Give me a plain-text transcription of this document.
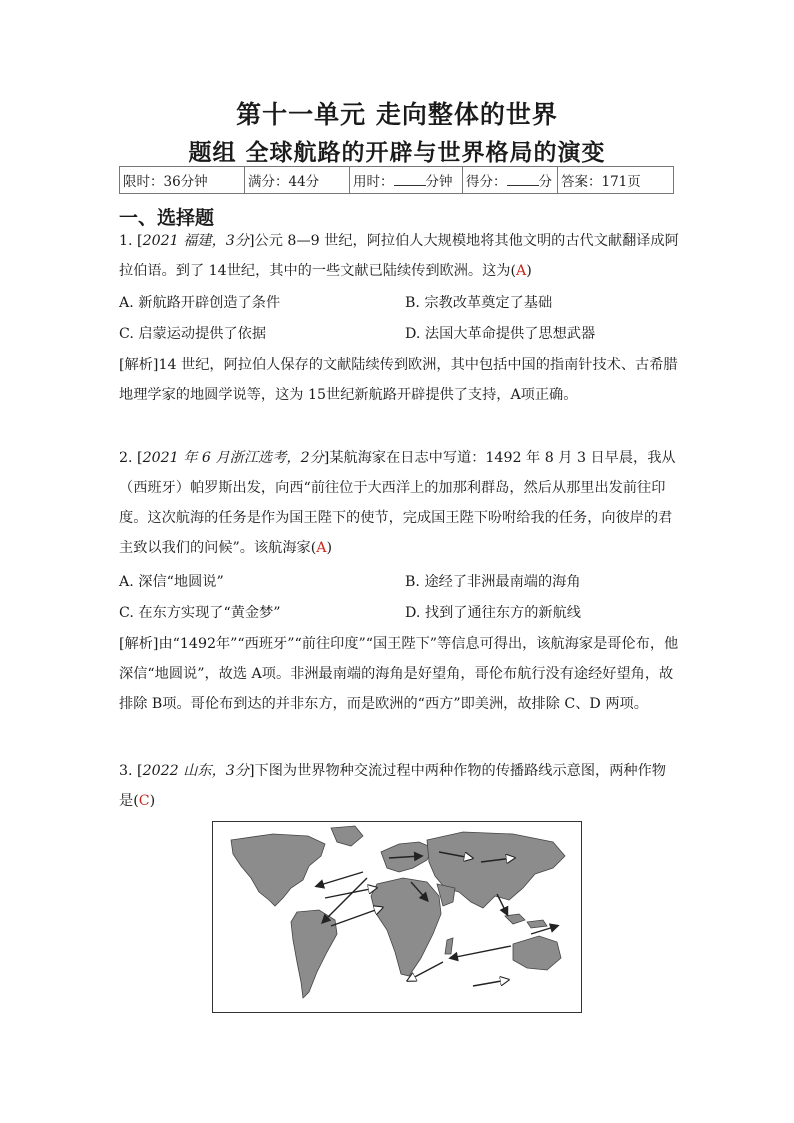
第十一单元 走向整体的世界
题组 全球航路的开辟与世界格局的演变
限时：36分钟	满分：44分	用时： 分钟	得分： 分	答案：171页
一、选择题
1. [2021 福建，3分]公元 8—9 世纪，阿拉伯人大规模地将其他文明的古代文献翻译成阿拉伯语。到了 14世纪，其中的一些文献已陆续传到欧洲。这为(A)
A. 新航路开辟创造了条件	B. 宗教改革奠定了基础
C. 启蒙运动提供了依据	D. 法国大革命提供了思想武器
[解析]14 世纪，阿拉伯人保存的文献陆续传到欧洲，其中包括中国的指南针技术、古希腊地理学家的地圆学说等，这为 15世纪新航路开辟提供了支持，A项正确。
2. [2021 年 6 月浙江选考，2分]某航海家在日志中写道：1492 年 8 月 3 日早晨，我从（西班牙）帕罗斯出发，向西“前往位于大西洋上的加那利群岛，然后从那里出发前往印度。这次航海的任务是作为国王陛下的使节，完成国王陛下吩咐给我的任务，向彼岸的君主致以我们的问候”。该航海家(A)
A. 深信“地圆说”	B. 途经了非洲最南端的海角
C. 在东方实现了“黄金梦”	D. 找到了通往东方的新航线
[解析]由“1492年”“西班牙”“前往印度”“国王陛下”等信息可得出，该航海家是哥伦布，他深信“地圆说”，故选 A项。非洲最南端的海角是好望角，哥伦布航行没有途经好望角，故排除 B项。哥伦布到达的并非东方，而是欧洲的“西方”即美洲，故排除 C、D 两项。
3. [2022 山东，3分]下图为世界物种交流过程中两种作物的传播路线示意图，两种作物是(C)
